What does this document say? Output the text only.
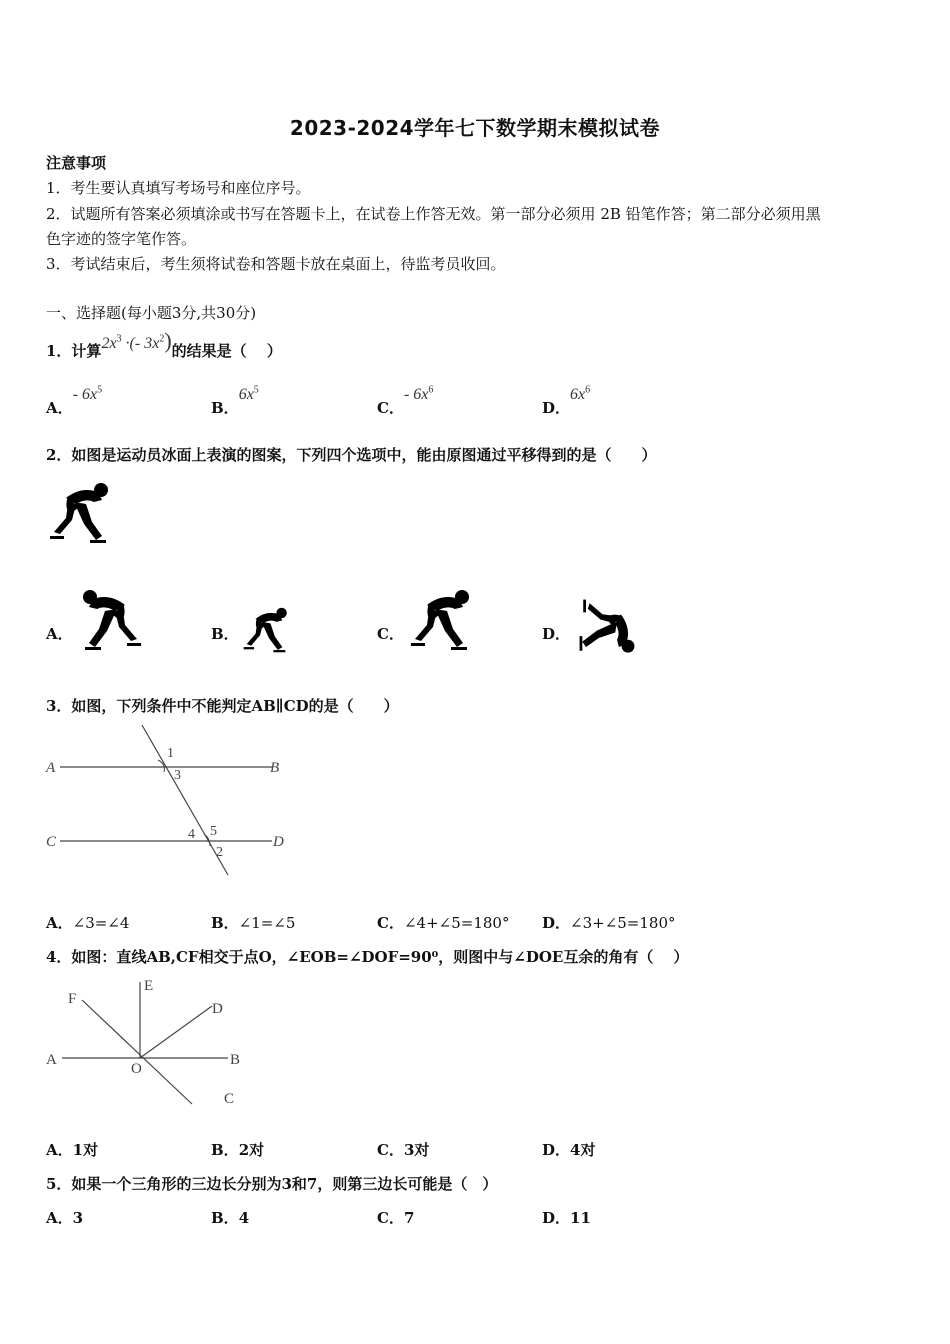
2023-2024学年七下数学期末模拟试卷
注意事项
1．考生要认真填写考场号和座位序号。
2．试题所有答案必须填涂或书写在答题卡上，在试卷上作答无效。第一部分必须用 2B 铅笔作答；第二部分必须用黑
色字迹的签字笔作答。
3．考试结束后，考生须将试卷和答题卡放在桌面上，待监考员收回。
一、选择题(每小题3分,共30分)
1．计算$2x^3$ ·(- $3x^2$)的结果是（　 ）
A．- $6x^5$
B．$6x^5$
C．- $6x^6$
D．$6x^6$
2．如图是运动员冰面上表演的图案，下列四个选项中，能由原图通过平移得到的是（　　）
A．	B．	C．	D．
3．如图，下列条件中不能判定AB∥CD的是（　　）
A	B
C	D
1
3
4 5
2
A．∠3=∠4	B．∠1=∠5	C．∠4+∠5=180° D．∠3+∠5=180°
4．如图：直线AB,CF相交于点O，∠EOB=∠DOF=90⁰，则图中与∠DOE互余的角有（　 ）
F
E
D
A
O
B
C
A．1对	B．2对	C．3对	D．4对
5．如果一个三角形的三边长分别为3和7，则第三边长可能是（　）
A．3	B．4	C．7	D．11
